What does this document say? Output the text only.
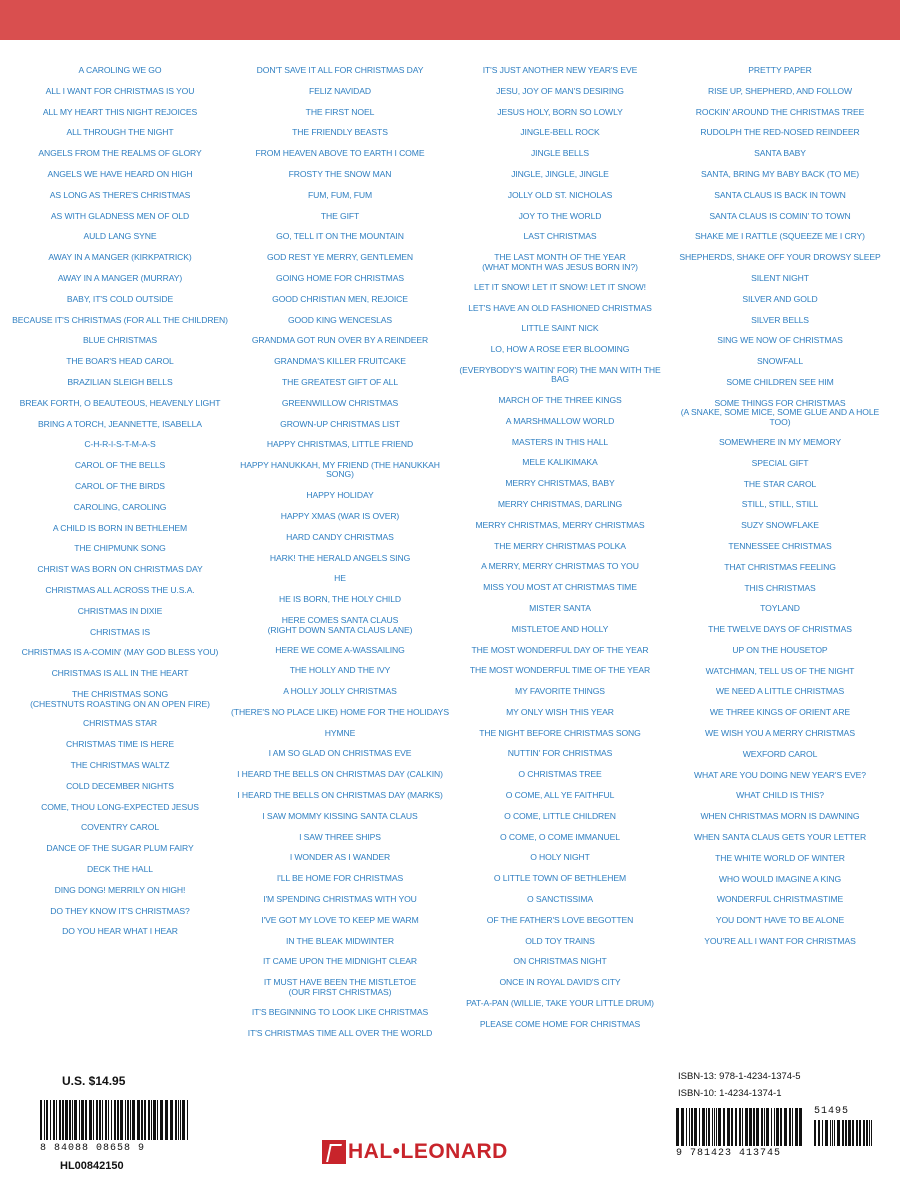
A CAROLING WE GO
ALL I WANT FOR CHRISTMAS IS YOU
ALL MY HEART THIS NIGHT REJOICES
ALL THROUGH THE NIGHT
ANGELS FROM THE REALMS OF GLORY
ANGELS WE HAVE HEARD ON HIGH
AS LONG AS THERE'S CHRISTMAS
AS WITH GLADNESS MEN OF OLD
AULD LANG SYNE
AWAY IN A MANGER (KIRKPATRICK)
AWAY IN A MANGER (MURRAY)
BABY, IT'S COLD OUTSIDE
BECAUSE IT'S CHRISTMAS (FOR ALL THE CHILDREN)
BLUE CHRISTMAS
THE BOAR'S HEAD CAROL
BRAZILIAN SLEIGH BELLS
BREAK FORTH, O BEAUTEOUS, HEAVENLY LIGHT
BRING A TORCH, JEANNETTE, ISABELLA
C-H-R-I-S-T-M-A-S
CAROL OF THE BELLS
CAROL OF THE BIRDS
CAROLING, CAROLING
A CHILD IS BORN IN BETHLEHEM
THE CHIPMUNK SONG
CHRIST WAS BORN ON CHRISTMAS DAY
CHRISTMAS ALL ACROSS THE U.S.A.
CHRISTMAS IN DIXIE
CHRISTMAS IS
CHRISTMAS IS A-COMIN' (MAY GOD BLESS YOU)
CHRISTMAS IS ALL IN THE HEART
THE CHRISTMAS SONG
(CHESTNUTS ROASTING ON AN OPEN FIRE)
CHRISTMAS STAR
CHRISTMAS TIME IS HERE
THE CHRISTMAS WALTZ
COLD DECEMBER NIGHTS
COME, THOU LONG-EXPECTED JESUS
COVENTRY CAROL
DANCE OF THE SUGAR PLUM FAIRY
DECK THE HALL
DING DONG! MERRILY ON HIGH!
DO THEY KNOW IT'S CHRISTMAS?
DO YOU HEAR WHAT I HEAR
DON'T SAVE IT ALL FOR CHRISTMAS DAY
FELIZ NAVIDAD
THE FIRST NOEL
THE FRIENDLY BEASTS
FROM HEAVEN ABOVE TO EARTH I COME
FROSTY THE SNOW MAN
FUM, FUM, FUM
THE GIFT
GO, TELL IT ON THE MOUNTAIN
GOD REST YE MERRY, GENTLEMEN
GOING HOME FOR CHRISTMAS
GOOD CHRISTIAN MEN, REJOICE
GOOD KING WENCESLAS
GRANDMA GOT RUN OVER BY A REINDEER
GRANDMA'S KILLER FRUITCAKE
THE GREATEST GIFT OF ALL
GREENWILLOW CHRISTMAS
GROWN-UP CHRISTMAS LIST
HAPPY CHRISTMAS, LITTLE FRIEND
HAPPY HANUKKAH, MY FRIEND (THE HANUKKAH SONG)
HAPPY HOLIDAY
HAPPY XMAS (WAR IS OVER)
HARD CANDY CHRISTMAS
HARK! THE HERALD ANGELS SING
HE
HE IS BORN, THE HOLY CHILD
HERE COMES SANTA CLAUS
(RIGHT DOWN SANTA CLAUS LANE)
HERE WE COME A-WASSAILING
THE HOLLY AND THE IVY
A HOLLY JOLLY CHRISTMAS
(THERE'S NO PLACE LIKE) HOME FOR THE HOLIDAYS
HYMNE
I AM SO GLAD ON CHRISTMAS EVE
I HEARD THE BELLS ON CHRISTMAS DAY (CALKIN)
I HEARD THE BELLS ON CHRISTMAS DAY (MARKS)
I SAW MOMMY KISSING SANTA CLAUS
I SAW THREE SHIPS
I WONDER AS I WANDER
I'LL BE HOME FOR CHRISTMAS
I'M SPENDING CHRISTMAS WITH YOU
I'VE GOT MY LOVE TO KEEP ME WARM
IN THE BLEAK MIDWINTER
IT CAME UPON THE MIDNIGHT CLEAR
IT MUST HAVE BEEN THE MISTLETOE
(OUR FIRST CHRISTMAS)
IT'S BEGINNING TO LOOK LIKE CHRISTMAS
IT'S CHRISTMAS TIME ALL OVER THE WORLD
IT'S JUST ANOTHER NEW YEAR'S EVE
JESU, JOY OF MAN'S DESIRING
JESUS HOLY, BORN SO LOWLY
JINGLE-BELL ROCK
JINGLE BELLS
JINGLE, JINGLE, JINGLE
JOLLY OLD ST. NICHOLAS
JOY TO THE WORLD
LAST CHRISTMAS
THE LAST MONTH OF THE YEAR
(WHAT MONTH WAS JESUS BORN IN?)
LET IT SNOW! LET IT SNOW! LET IT SNOW!
LET'S HAVE AN OLD FASHIONED CHRISTMAS
LITTLE SAINT NICK
LO, HOW A ROSE E'ER BLOOMING
(EVERYBODY'S WAITIN' FOR) THE MAN WITH THE BAG
MARCH OF THE THREE KINGS
A MARSHMALLOW WORLD
MASTERS IN THIS HALL
MELE KALIKIMAKA
MERRY CHRISTMAS, BABY
MERRY CHRISTMAS, DARLING
MERRY CHRISTMAS, MERRY CHRISTMAS
THE MERRY CHRISTMAS POLKA
A MERRY, MERRY CHRISTMAS TO YOU
MISS YOU MOST AT CHRISTMAS TIME
MISTER SANTA
MISTLETOE AND HOLLY
THE MOST WONDERFUL DAY OF THE YEAR
THE MOST WONDERFUL TIME OF THE YEAR
MY FAVORITE THINGS
MY ONLY WISH THIS YEAR
THE NIGHT BEFORE CHRISTMAS SONG
NUTTIN' FOR CHRISTMAS
O CHRISTMAS TREE
O COME, ALL YE FAITHFUL
O COME, LITTLE CHILDREN
O COME, O COME IMMANUEL
O HOLY NIGHT
O LITTLE TOWN OF BETHLEHEM
O SANCTISSIMA
OF THE FATHER'S LOVE BEGOTTEN
OLD TOY TRAINS
ON CHRISTMAS NIGHT
ONCE IN ROYAL DAVID'S CITY
PAT-A-PAN (WILLIE, TAKE YOUR LITTLE DRUM)
PLEASE COME HOME FOR CHRISTMAS
PRETTY PAPER
RISE UP, SHEPHERD, AND FOLLOW
ROCKIN' AROUND THE CHRISTMAS TREE
RUDOLPH THE RED-NOSED REINDEER
SANTA BABY
SANTA, BRING MY BABY BACK (TO ME)
SANTA CLAUS IS BACK IN TOWN
SANTA CLAUS IS COMIN' TO TOWN
SHAKE ME I RATTLE (SQUEEZE ME I CRY)
SHEPHERDS, SHAKE OFF YOUR DROWSY SLEEP
SILENT NIGHT
SILVER AND GOLD
SILVER BELLS
SING WE NOW OF CHRISTMAS
SNOWFALL
SOME CHILDREN SEE HIM
SOME THINGS FOR CHRISTMAS
(A SNAKE, SOME MICE, SOME GLUE AND A HOLE TOO)
SOMEWHERE IN MY MEMORY
SPECIAL GIFT
THE STAR CAROL
STILL, STILL, STILL
SUZY SNOWFLAKE
TENNESSEE CHRISTMAS
THAT CHRISTMAS FEELING
THIS CHRISTMAS
TOYLAND
THE TWELVE DAYS OF CHRISTMAS
UP ON THE HOUSETOP
WATCHMAN, TELL US OF THE NIGHT
WE NEED A LITTLE CHRISTMAS
WE THREE KINGS OF ORIENT ARE
WE WISH YOU A MERRY CHRISTMAS
WEXFORD CAROL
WHAT ARE YOU DOING NEW YEAR'S EVE?
WHAT CHILD IS THIS?
WHEN CHRISTMAS MORN IS DAWNING
WHEN SANTA CLAUS GETS YOUR LETTER
THE WHITE WORLD OF WINTER
WHO WOULD IMAGINE A KING
WONDERFUL CHRISTMASTIME
YOU DON'T HAVE TO BE ALONE
YOU'RE ALL I WANT FOR CHRISTMAS
U.S. $14.95
8 84088 08658 9
HL00842150
HAL•LEONARD
ISBN-13: 978-1-4234-1374-5
ISBN-10: 1-4234-1374-1
51495
9 781423 413745
